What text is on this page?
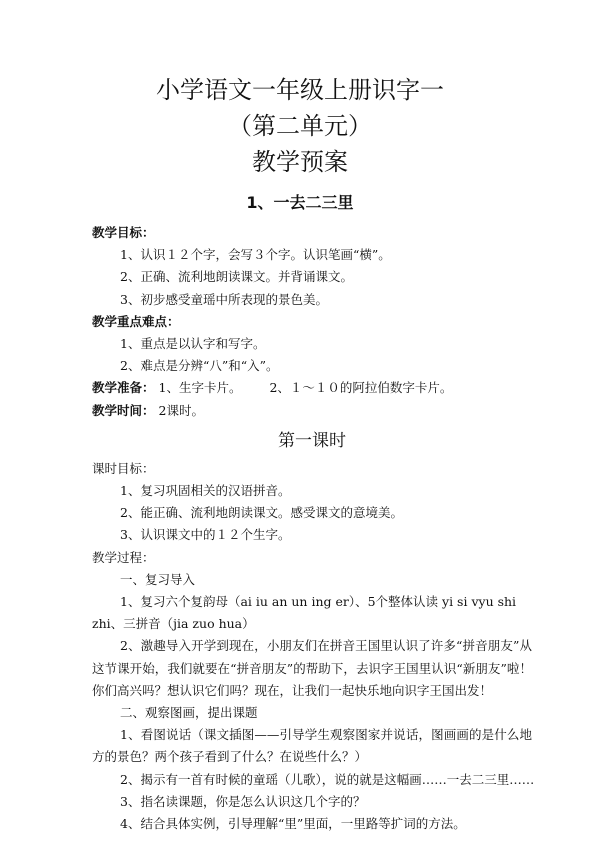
小学语文一年级上册识字一

（第二单元）

教学预案

1、一去二三里

教学目标：

1、认识１２个字，会写３个字。认识笔画“横”。

2、正确、流利地朗读课文。并背诵课文。

3、初步感受童瑶中所表现的景色美。

教学重点难点：

1、重点是以认字和写字。

2、难点是分辨“八”和“入”。

教学准备： 1、生字卡片。 2、１～１０的阿拉伯数字卡片。

教学时间： 2课时。

第一课时

课时目标：

1、复习巩固相关的汉语拼音。

2、能正确、流利地朗读课文。感受课文的意境美。

3、认识课文中的１２个生字。

教学过程：

一、复习导入

1、复习六个复韵母（ai iu an un ing er）、5个整体认读 yi si vyu shi

zhi、三拼音（jia zuo hua）

2、激趣导入开学到现在，小朋友们在拼音王国里认识了许多“拼音朋友”从这节课开始，我们就要在“拼音朋友”的帮助下，去识字王国里认识“新朋友”啦！你们高兴吗？想认识它们吗？现在，让我们一起快乐地向识字王国出发！

二、观察图画，提出课题

1、看图说话（课文插图——引导学生观察图家并说话，图画画的是什么地方的景色？两个孩子看到了什么？在说些什么？）

2、揭示有一首有时候的童瑶（儿歌），说的就是这幅画……一去二三里……

3、指名读课题，你是怎么认识这几个字的？

4、结合具体实例，引导理解“里”里面，一里路等扩词的方法。
